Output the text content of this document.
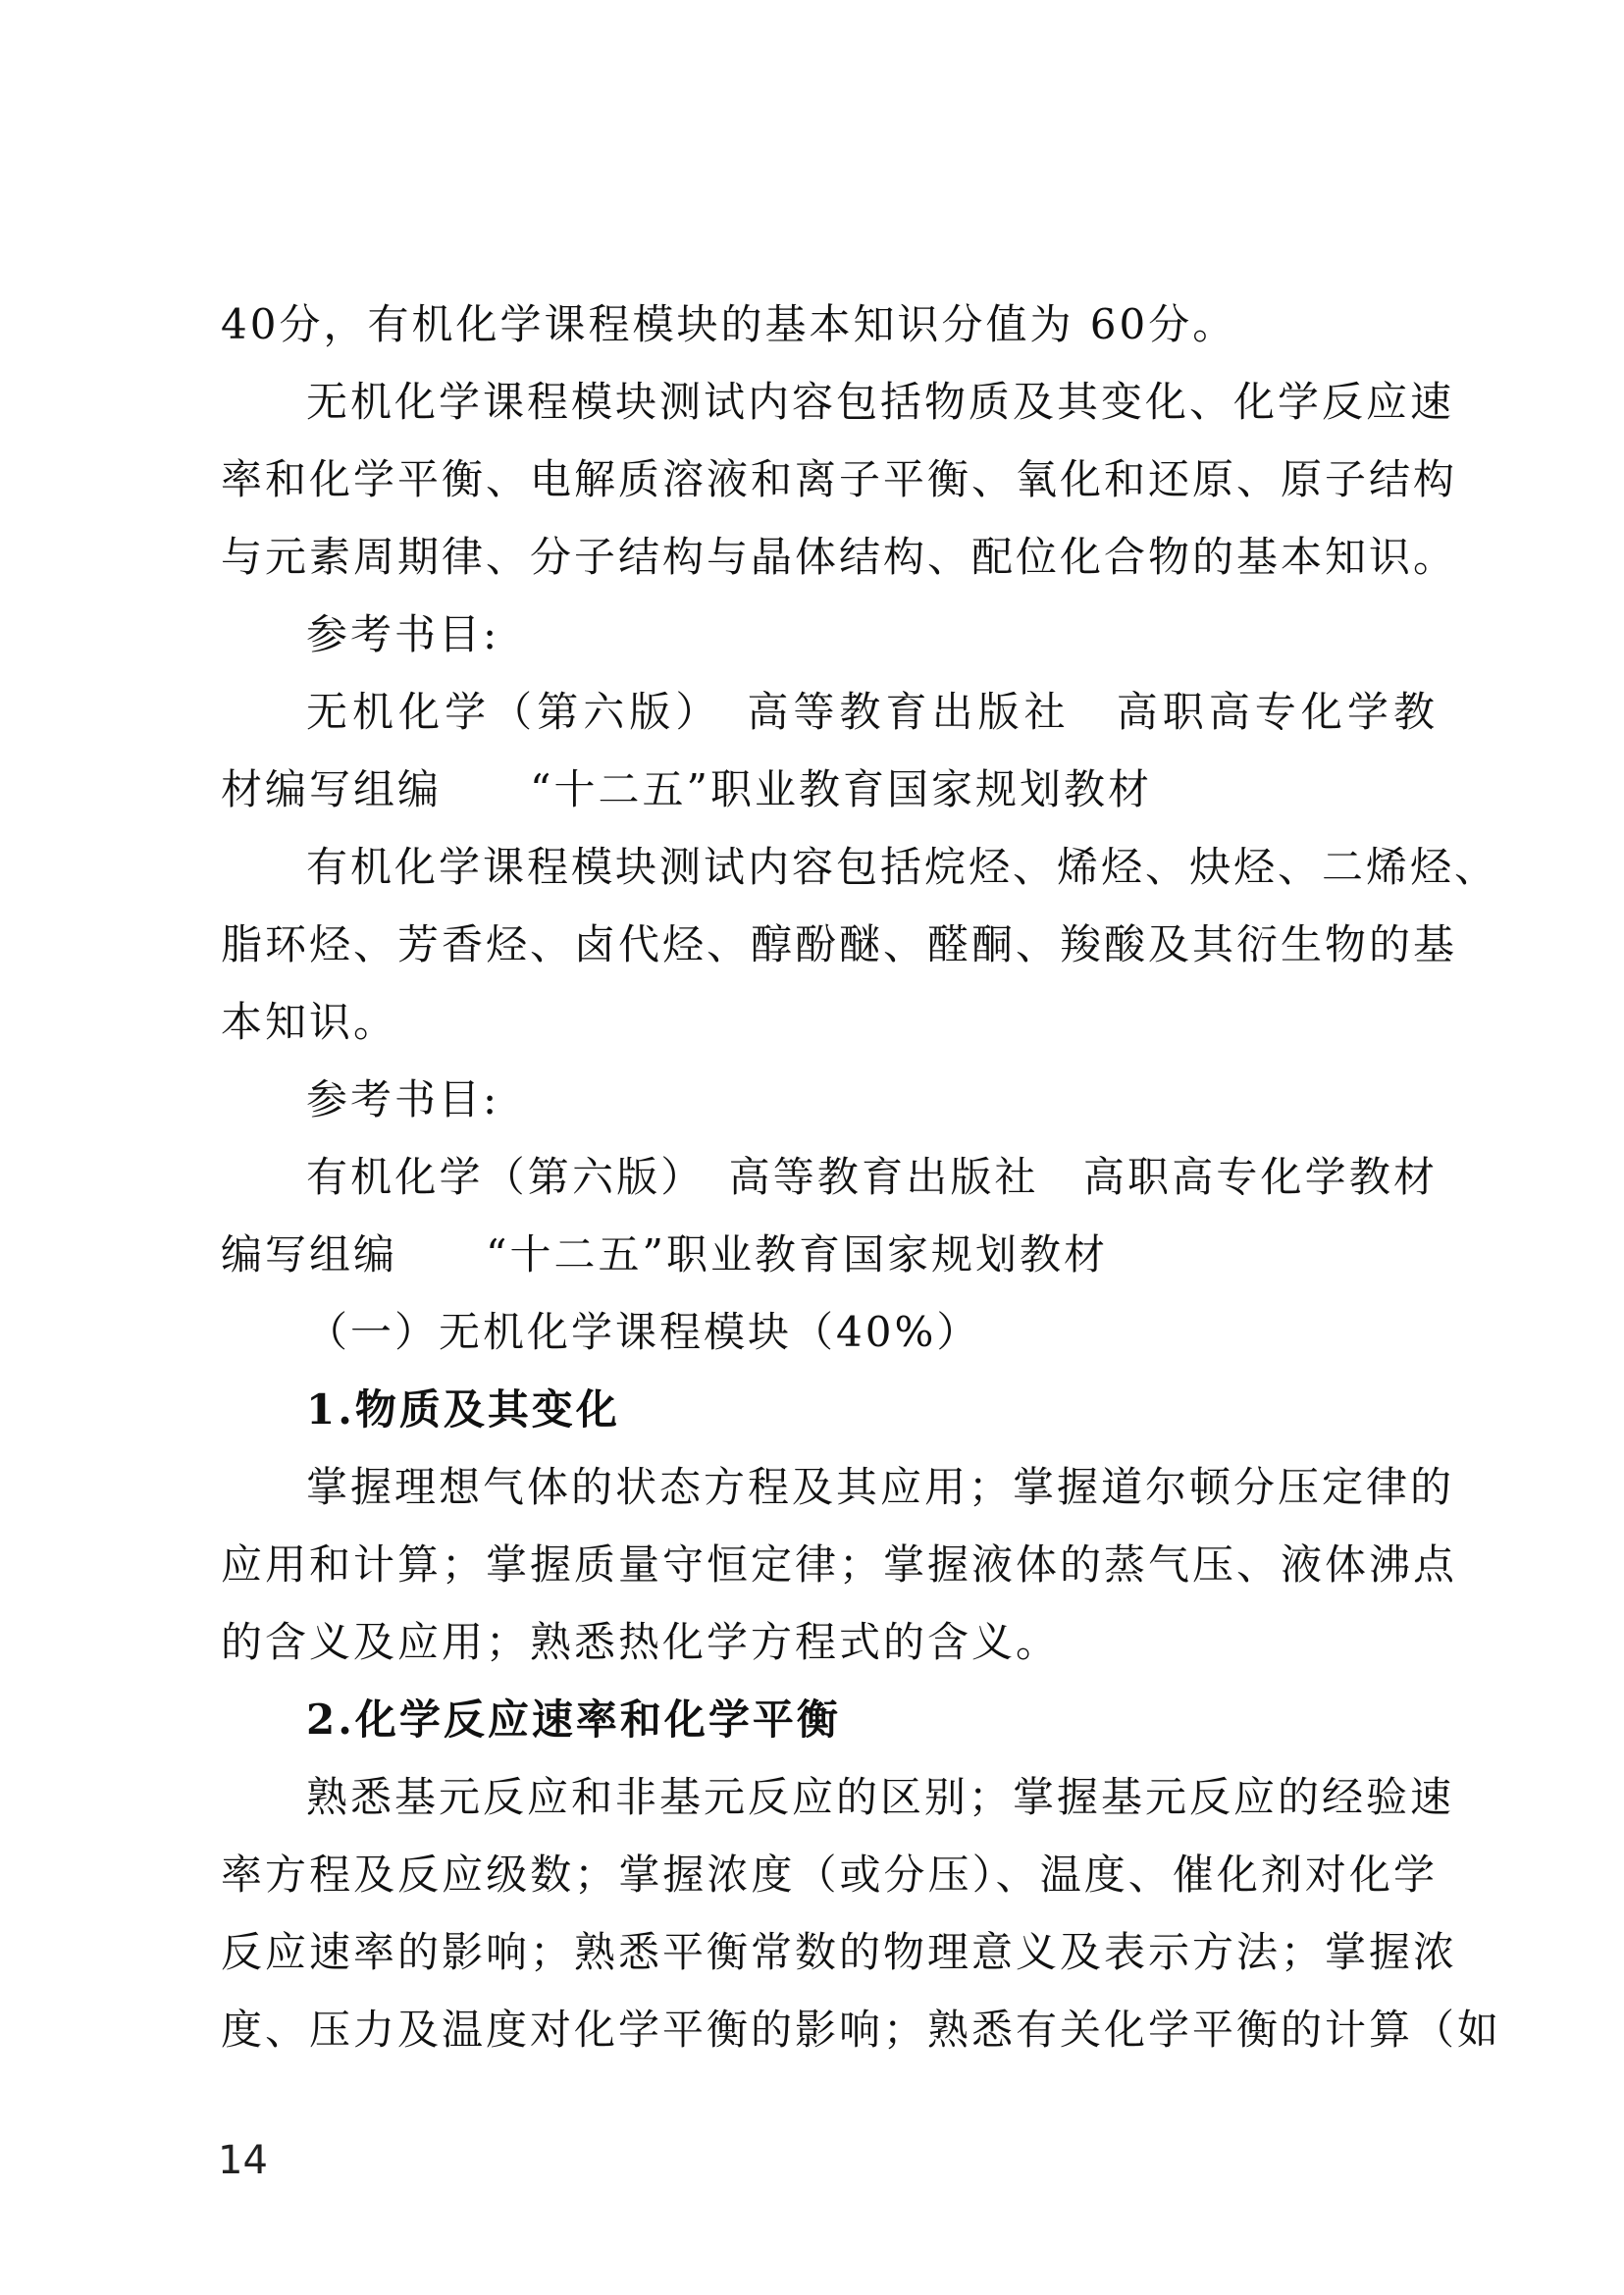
40分，有机化学课程模块的基本知识分值为 60分。
无机化学课程模块测试内容包括物质及其变化、化学反应速
率和化学平衡、电解质溶液和离子平衡、氧化和还原、原子结构
与元素周期律、分子结构与晶体结构、配位化合物的基本知识。
参考书目:
无机化学（第六版）　高等教育出版社　高职高专化学教
材编写组编　　“十二五”职业教育国家规划教材
有机化学课程模块测试内容包括烷烃、烯烃、炔烃、二烯烃、
脂环烃、芳香烃、卤代烃、醇酚醚、醛酮、羧酸及其衍生物的基
本知识。
参考书目:
有机化学（第六版）　高等教育出版社　高职高专化学教材
编写组编　　“十二五”职业教育国家规划教材
（一）无机化学课程模块（40%）
1.物质及其变化
掌握理想气体的状态方程及其应用；掌握道尔顿分压定律的
应用和计算；掌握质量守恒定律；掌握液体的蒸气压、液体沸点
的含义及应用；熟悉热化学方程式的含义。
2.化学反应速率和化学平衡
熟悉基元反应和非基元反应的区别；掌握基元反应的经验速
率方程及反应级数；掌握浓度（或分压）、温度、催化剂对化学
反应速率的影响；熟悉平衡常数的物理意义及表示方法；掌握浓
度、压力及温度对化学平衡的影响；熟悉有关化学平衡的计算（如
14
